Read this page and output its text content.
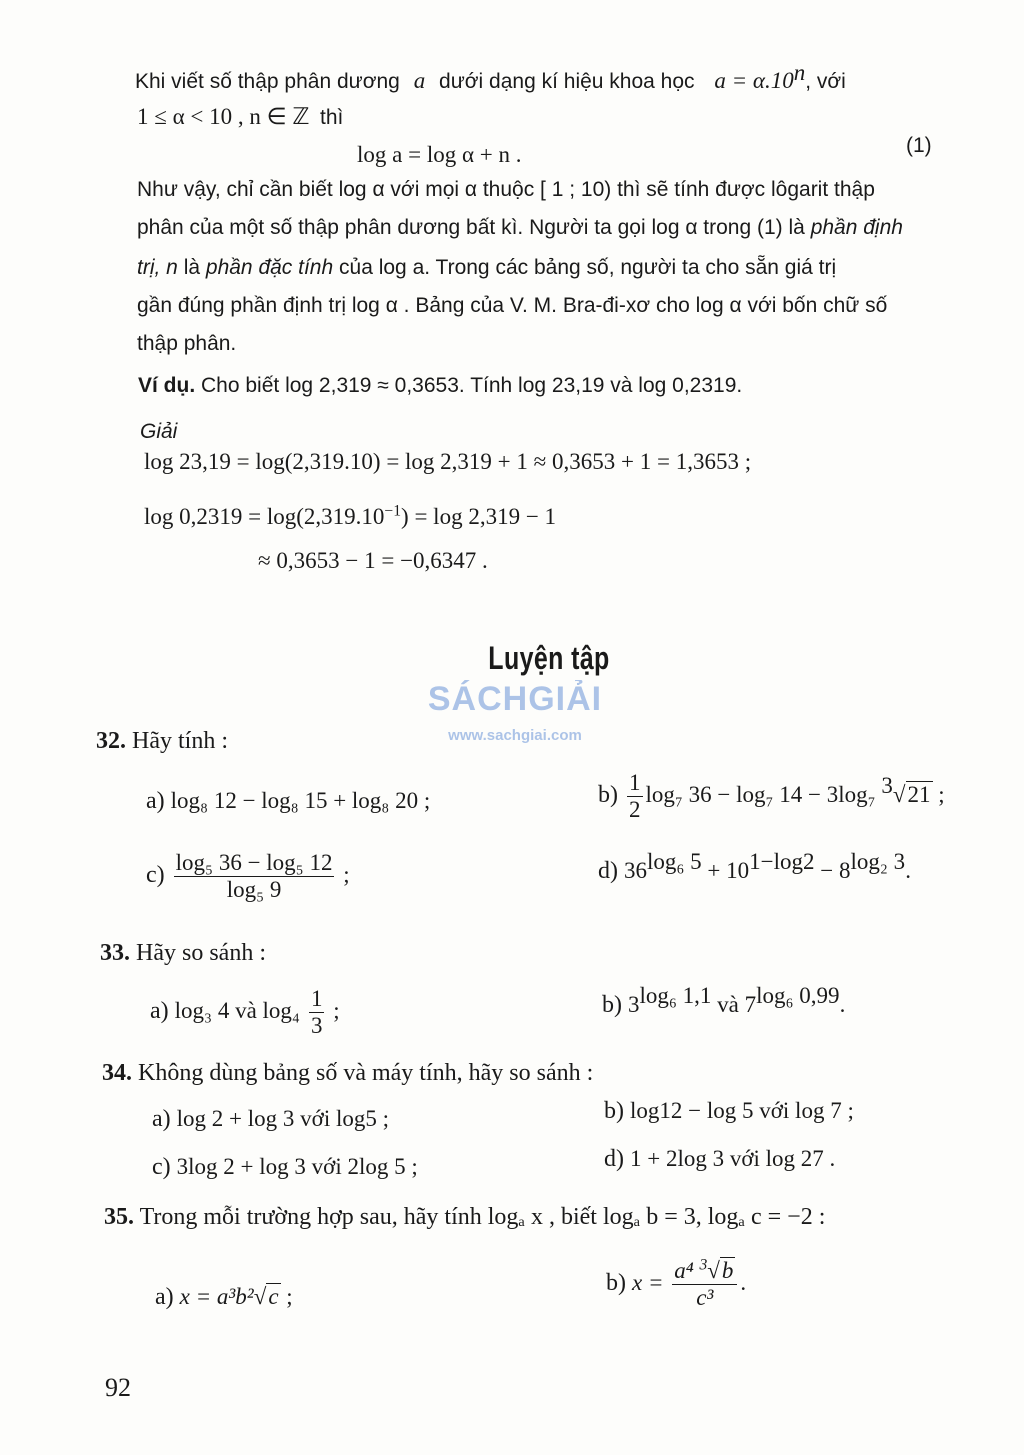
Khi viết số thập phân dương a dưới dạng kí hiệu khoa học $a = \alpha.10^n$, với
1 ≤ α < 10 , n ∈ ℤ thì
log a = log α + n .	(1)
Như vậy, chỉ cần biết log α với mọi α thuộc [ 1 ; 10) thì sẽ tính được lôgarit thập
phân của một số thập phân dương bất kì. Người ta gọi log α trong (1) là phần định
trị, n là phần đặc tính của log a. Trong các bảng số, người ta cho sẵn giá trị
gần đúng phần định trị log α . Bảng của V. M. Bra-đi-xơ cho log α với bốn chữ số
thập phân.
Ví dụ. Cho biết log 2,319 ≈ 0,3653. Tính log 23,19 và log 0,2319.
Giải
log 23,19 = log(2,319.10) = log 2,319 + 1 ≈ 0,3653 + 1 = 1,3653 ;
$\log 0,2319 = \log(2,319.10^{-1}) = \log 2,319 - 1$
≈ 0,3653 − 1 = −0,6347 .
Luyện tập
SÁCHGIẢI
www.sachgiai.com
32. Hãy tính :
a) log₈ 12 − log₈ 15 + log₈ 20 ;	$b) \frac{1}{2} \log_7$ 36 − log₇ 14 − 3log₇ $^3$√21 ;
$c) \frac{\text{log₅ 36 − log₅ 12}}{\text{log₅ 9}}$ ;	d) $36^{log_6 5} + 10^{1-log2} - 8^{log_2 3}$.
33. Hãy so sánh :
a) log₃ 4 và $\log_4 \frac{1}{3}$ ;	b) $3^{log_6 1,1}$ và $7^{log_6 0,99}$.
34. Không dùng bảng số và máy tính, hãy so sánh :
a) log 2 + log 3 với log5 ;	b) log12 − log 5 với log 7 ;
c) 3log 2 + log 3 với 2log 5 ;	d) 1 + 2log 3 với log 27 .
35. Trong mỗi trường hợp sau, hãy tính logₐ x , biết logₐ b = 3, logₐ c = −2 :
a) x = a³b²√c ;
b) $x = \frac{a^4 ^3√b}{\text{c³}}$ .
92
